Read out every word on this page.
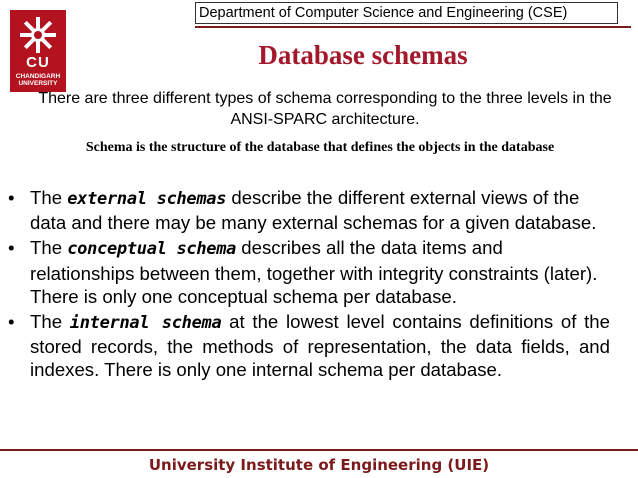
CU
CHANDIGARH
UNIVERSITY
Department of Computer Science and Engineering (CSE)
Database schemas
There are three different types of schema corresponding to the three levels in the ANSI-SPARC architecture.
Schema is the structure of the database that defines the objects in the database
• The external schemas describe the different external views of the data and there may be many external schemas for a given database.
• The conceptual schema describes all the data items and relationships between them, together with integrity constraints (later). There is only one conceptual schema per database.
• The internal schema at the lowest level contains definitions of the stored records, the methods of representation, the data fields, and indexes. There is only one internal schema per database.
University Institute of Engineering (UIE)
